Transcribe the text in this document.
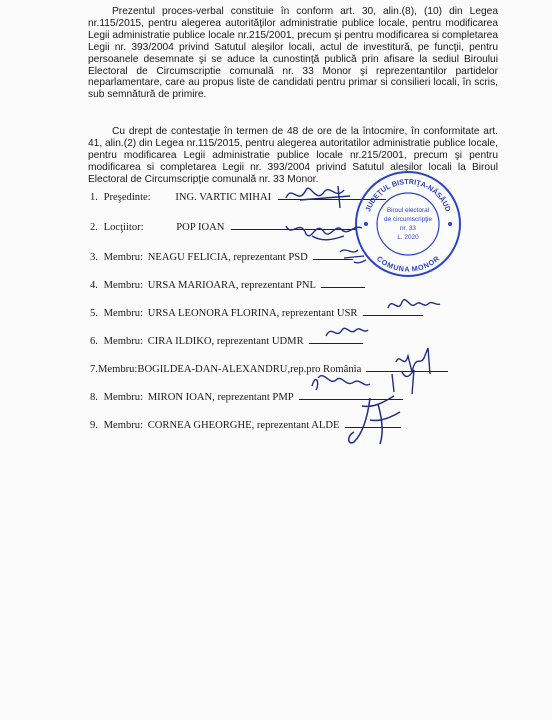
Prezentul proces-verbal constituie în conform art. 30, alin.(8), (10) din Legea nr.115/2015, pentru alegerea autorităţilor administratie publice locale, pentru modificarea Legii administratie publice locale nr.215/2001, precum şi pentru modificarea si completarea Legii nr. 393/2004 privind Satutul aleşilor locali, actul de investitură, pe funcţii, pentru persoanele desemnate şi se aduce la cunostinţă publică prin afisare la sediul Biroului Electoral de Circumscriptie comunală nr. 33 Monor şi reprezentantilor partidelor neparlamentare, care au propus liste de candidati pentru primar si consilieri locali, în scris, sub semnătură de primire.

Cu drept de contestaţie în termen de 48 de ore de la întocmire, în conformitate art. 41, alin.(2) din Legea nr.115/2015, pentru alegerea autoritatilor administratie publice locale, pentru modificarea Legii administratie publice locale nr.215/2001, precum şi pentru modificarea si completarea Legii nr. 393/2004 privind Satutul aleşilor locali la Biroul Electoral de Circumscripţie comunală nr. 33 Monor.

1. Preşedinte: ING. VARTIC MIHAI
2. Locţiitor:	POP IOAN
3. Membru: NEAGU FELICIA, reprezentant PSD
4. Membru: URSA MARIOARA, reprezentant PNL
5. Membru: URSA LEONORA FLORINA, reprezentant USR
6. Membru: CIRA ILDIKO, reprezentant UDMR
7.Membru:BOGILDEA-DAN-ALEXANDRU,rep.pro România
8. Membru: MIRON IOAN, reprezentant PMP
9. Membru: CORNEA GHEORGHE, reprezentant ALDE
JUDEŢUL BISTRIŢA-NĂSĂUD
COMUNA MONOR
Biroul electoral
de circumscripţie
nr. 33
L. 2020
